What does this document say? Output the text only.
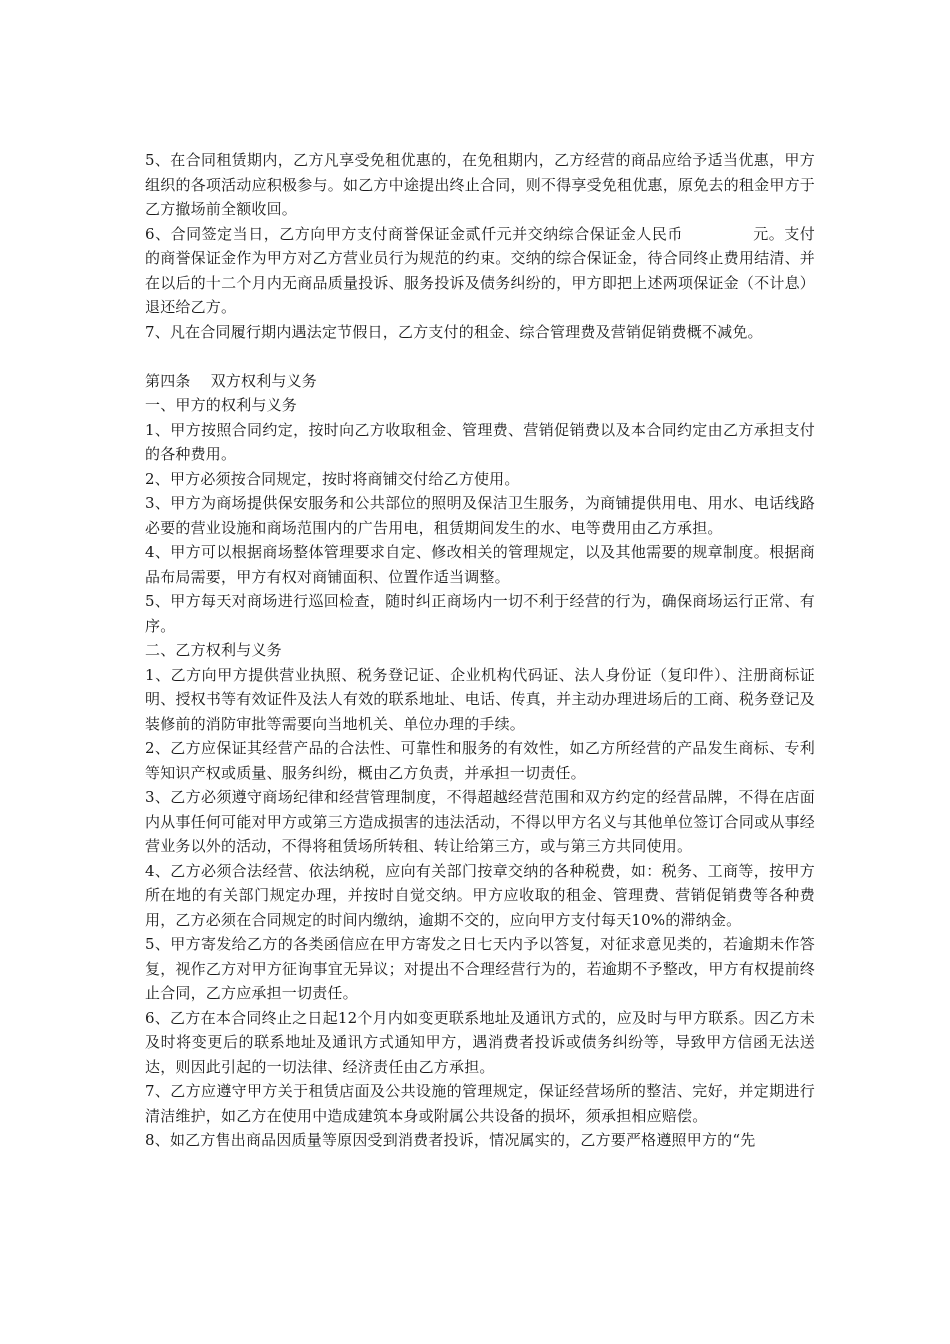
5、在合同租赁期内，乙方凡享受免租优惠的，在免租期内，乙方经营的商品应给予适当优惠，甲方组织的各项活动应积极参与。如乙方中途提出终止合同，则不得享受免租优惠，原免去的租金甲方于乙方撤场前全额收回。

6、合同签定当日，乙方向甲方支付商誉保证金贰仟元并交纳综合保证金人民币	元。支付的商誉保证金作为甲方对乙方营业员行为规范的约束。交纳的综合保证金，待合同终止费用结清、并在以后的十二个月内无商品质量投诉、服务投诉及债务纠纷的，甲方即把上述两项保证金（不计息）退还给乙方。

7、凡在合同履行期内遇法定节假日，乙方支付的租金、综合管理费及营销促销费概不减免。

第四条 双方权利与义务

一、甲方的权利与义务

1、甲方按照合同约定，按时向乙方收取租金、管理费、营销促销费以及本合同约定由乙方承担支付的各种费用。

2、甲方必须按合同规定，按时将商铺交付给乙方使用。

3、甲方为商场提供保安服务和公共部位的照明及保洁卫生服务，为商铺提供用电、用水、电话线路必要的营业设施和商场范围内的广告用电，租赁期间发生的水、电等费用由乙方承担。

4、甲方可以根据商场整体管理要求自定、修改相关的管理规定，以及其他需要的规章制度。根据商品布局需要，甲方有权对商铺面积、位置作适当调整。

5、甲方每天对商场进行巡回检查，随时纠正商场内一切不利于经营的行为，确保商场运行正常、有序。

二、乙方权利与义务

1、乙方向甲方提供营业执照、税务登记证、企业机构代码证、法人身份证（复印件）、注册商标证明、授权书等有效证件及法人有效的联系地址、电话、传真，并主动办理进场后的工商、税务登记及装修前的消防审批等需要向当地机关、单位办理的手续。

2、乙方应保证其经营产品的合法性、可靠性和服务的有效性，如乙方所经营的产品发生商标、专利等知识产权或质量、服务纠纷，概由乙方负责，并承担一切责任。

3、乙方必须遵守商场纪律和经营管理制度，不得超越经营范围和双方约定的经营品牌，不得在店面内从事任何可能对甲方或第三方造成损害的违法活动，不得以甲方名义与其他单位签订合同或从事经营业务以外的活动，不得将租赁场所转租、转让给第三方，或与第三方共同使用。

4、乙方必须合法经营、依法纳税，应向有关部门按章交纳的各种税费，如：税务、工商等，按甲方所在地的有关部门规定办理，并按时自觉交纳。甲方应收取的租金、管理费、营销促销费等各种费用，乙方必须在合同规定的时间内缴纳，逾期不交的，应向甲方支付每天10%的滞纳金。

5、甲方寄发给乙方的各类函信应在甲方寄发之日七天内予以答复，对征求意见类的，若逾期未作答复，视作乙方对甲方征询事宜无异议；对提出不合理经营行为的，若逾期不予整改，甲方有权提前终止合同，乙方应承担一切责任。

6、乙方在本合同终止之日起12个月内如变更联系地址及通讯方式的，应及时与甲方联系。因乙方未及时将变更后的联系地址及通讯方式通知甲方，遇消费者投诉或债务纠纷等，导致甲方信函无法送达，则因此引起的一切法律、经济责任由乙方承担。

7、乙方应遵守甲方关于租赁店面及公共设施的管理规定，保证经营场所的整洁、完好，并定期进行清洁维护，如乙方在使用中造成建筑本身或附属公共设备的损坏，须承担相应赔偿。

8、如乙方售出商品因质量等原因受到消费者投诉，情况属实的，乙方要严格遵照甲方的“先
